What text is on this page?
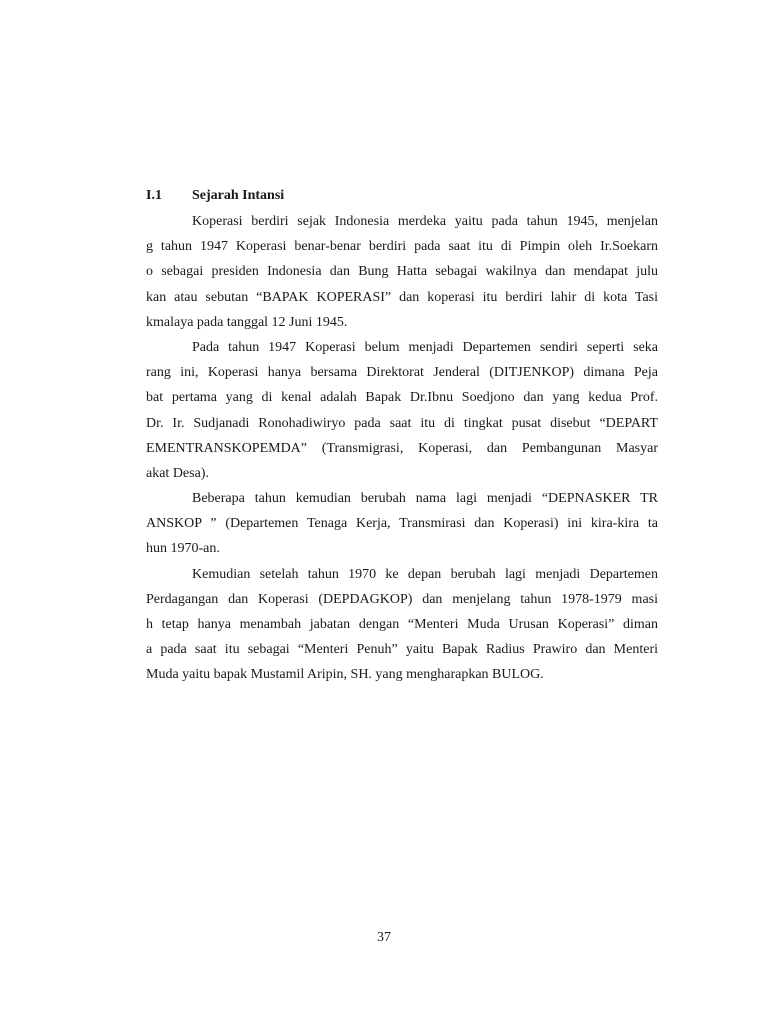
I.1 Sejarah Intansi

Koperasi berdiri sejak Indonesia merdeka yaitu pada tahun 1945, menjelan
g tahun 1947 Koperasi benar-benar berdiri pada saat itu di Pimpin oleh Ir.Soekarn
o sebagai presiden Indonesia dan Bung Hatta sebagai wakilnya dan mendapat julu
kan atau sebutan “BAPAK KOPERASI” dan koperasi itu berdiri lahir di kota Tasi
kmalaya pada tanggal 12 Juni 1945.

Pada tahun 1947 Koperasi belum menjadi Departemen sendiri seperti seka
rang ini, Koperasi hanya bersama Direktorat Jenderal (DITJENKOP) dimana Peja
bat pertama yang di kenal adalah Bapak Dr.Ibnu Soedjono dan yang kedua Prof.
Dr. Ir. Sudjanadi Ronohadiwiryo pada saat itu di tingkat pusat disebut “DEPART
EMENTRANSKOPEMDA” (Transmigrasi, Koperasi, dan Pembangunan Masyar
akat Desa).

Beberapa tahun kemudian berubah nama lagi menjadi “DEPNASKER TR
ANSKOP ” (Departemen Tenaga Kerja, Transmirasi dan Koperasi) ini kira-kira ta
hun 1970-an.

Kemudian setelah tahun 1970 ke depan berubah lagi menjadi Departemen
Perdagangan dan Koperasi (DEPDAGKOP) dan menjelang tahun 1978-1979 masi
h tetap hanya menambah jabatan dengan “Menteri Muda Urusan Koperasi” diman
a pada saat itu sebagai “Menteri Penuh” yaitu Bapak Radius Prawiro dan Menteri
Muda yaitu bapak Mustamil Aripin, SH. yang mengharapkan BULOG.

37
